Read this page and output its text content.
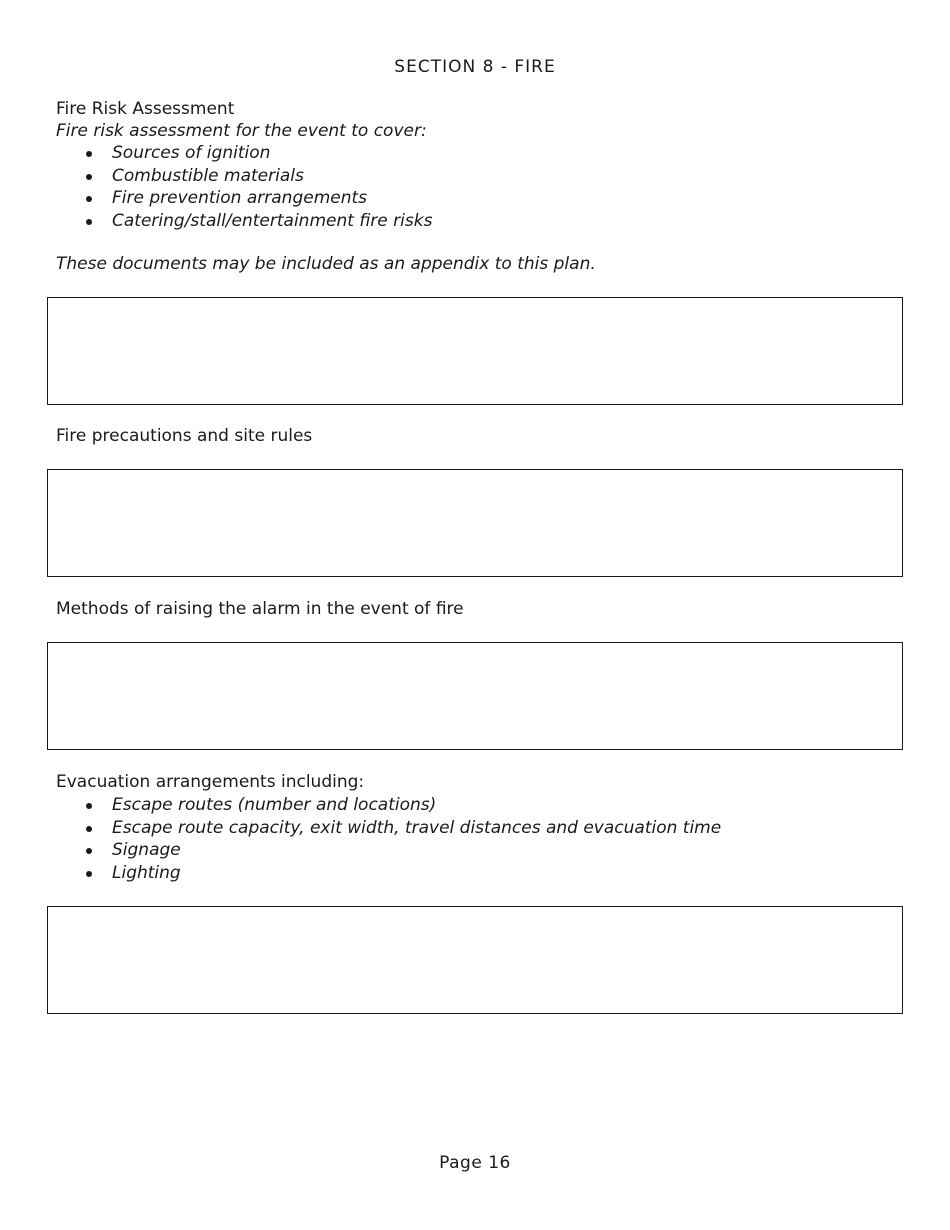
SECTION 8 - FIRE
Fire Risk Assessment
Fire risk assessment for the event to cover:
Sources of ignition
Combustible materials
Fire prevention arrangements
Catering/stall/entertainment fire risks
These documents may be included as an appendix to this plan.
Fire precautions and site rules
Methods of raising the alarm in the event of fire
Evacuation arrangements including:
Escape routes (number and locations)
Escape route capacity, exit width, travel distances and evacuation time
Signage
Lighting
Page 16
